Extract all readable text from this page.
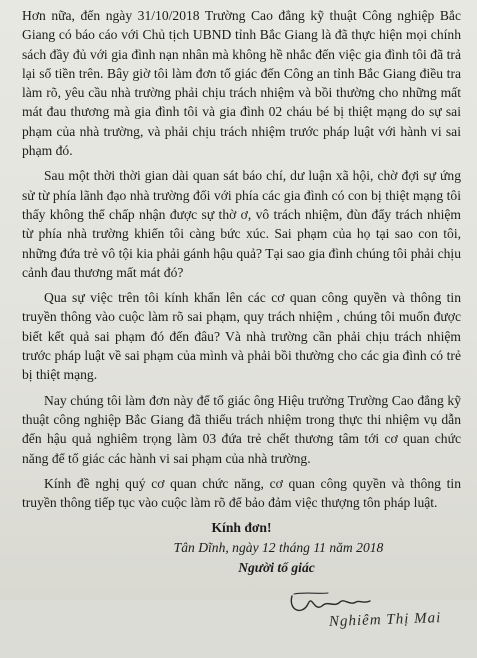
Hơn nữa, đến ngày 31/10/2018 Trường Cao đẳng kỹ thuật Công nghiệp Bắc Giang có báo cáo với Chủ tịch UBND tỉnh Bắc Giang là đã thực hiện mọi chính sách đầy đủ với gia đình nạn nhân mà không hề nhắc đến việc gia đình tôi đã trả lại số tiền trên. Bây giờ tôi làm đơn tố giác đến Công an tỉnh Bắc Giang điều tra làm rõ, yêu cầu nhà trường phải chịu trách nhiệm và bồi thường cho những mất mát đau thương mà gia đình tôi và gia đình 02 cháu bé bị thiệt mạng do sự sai phạm của nhà trường, và phải chịu trách nhiệm trước pháp luật với hành vi sai phạm đó.

Sau một thời thời gian dài quan sát báo chí, dư luận xã hội, chờ đợi sự ứng sử từ phía lãnh đạo nhà trường đối với phía các gia đình có con bị thiệt mạng tôi thấy không thể chấp nhận được sự thờ ơ, vô trách nhiệm, đùn đẩy trách nhiệm từ phía nhà trường khiến tôi càng bức xúc. Sai phạm của họ tại sao con tôi, những đứa trẻ vô tội kia phải gánh hậu quả? Tại sao gia đình chúng tôi phải chịu cảnh đau thương mất mát đó?

Qua sự việc trên tôi kính khẩn lên các cơ quan công quyền và thông tin truyền thông vào cuộc làm rõ sai phạm, quy trách nhiệm , chúng tôi muốn được biết kết quả sai phạm đó đến đâu? Và nhà trường cần phải chịu trách nhiệm trước pháp luật về sai phạm của mình và phải bồi thường cho các gia đình có trẻ bị thiệt mạng.

Nay chúng tôi làm đơn này để tố giác ông Hiệu trưởng Trường Cao đẳng kỹ thuật công nghiệp Bắc Giang đã thiếu trách nhiệm trong thực thi nhiệm vụ dẫn đến hậu quả nghiêm trọng làm 03 đứa trẻ chết thương tâm tới cơ quan chức năng để tố giác các hành vi sai phạm của nhà trường.

Kính đề nghị quý cơ quan chức năng, cơ quan công quyền và thông tin truyền thông tiếp tục vào cuộc làm rõ để bảo đảm việc thượng tôn pháp luật.

Kính đơn!
Tân Dĩnh, ngày 12 tháng 11 năm 2018
Người tố giác
Nghiêm Thị Mai
